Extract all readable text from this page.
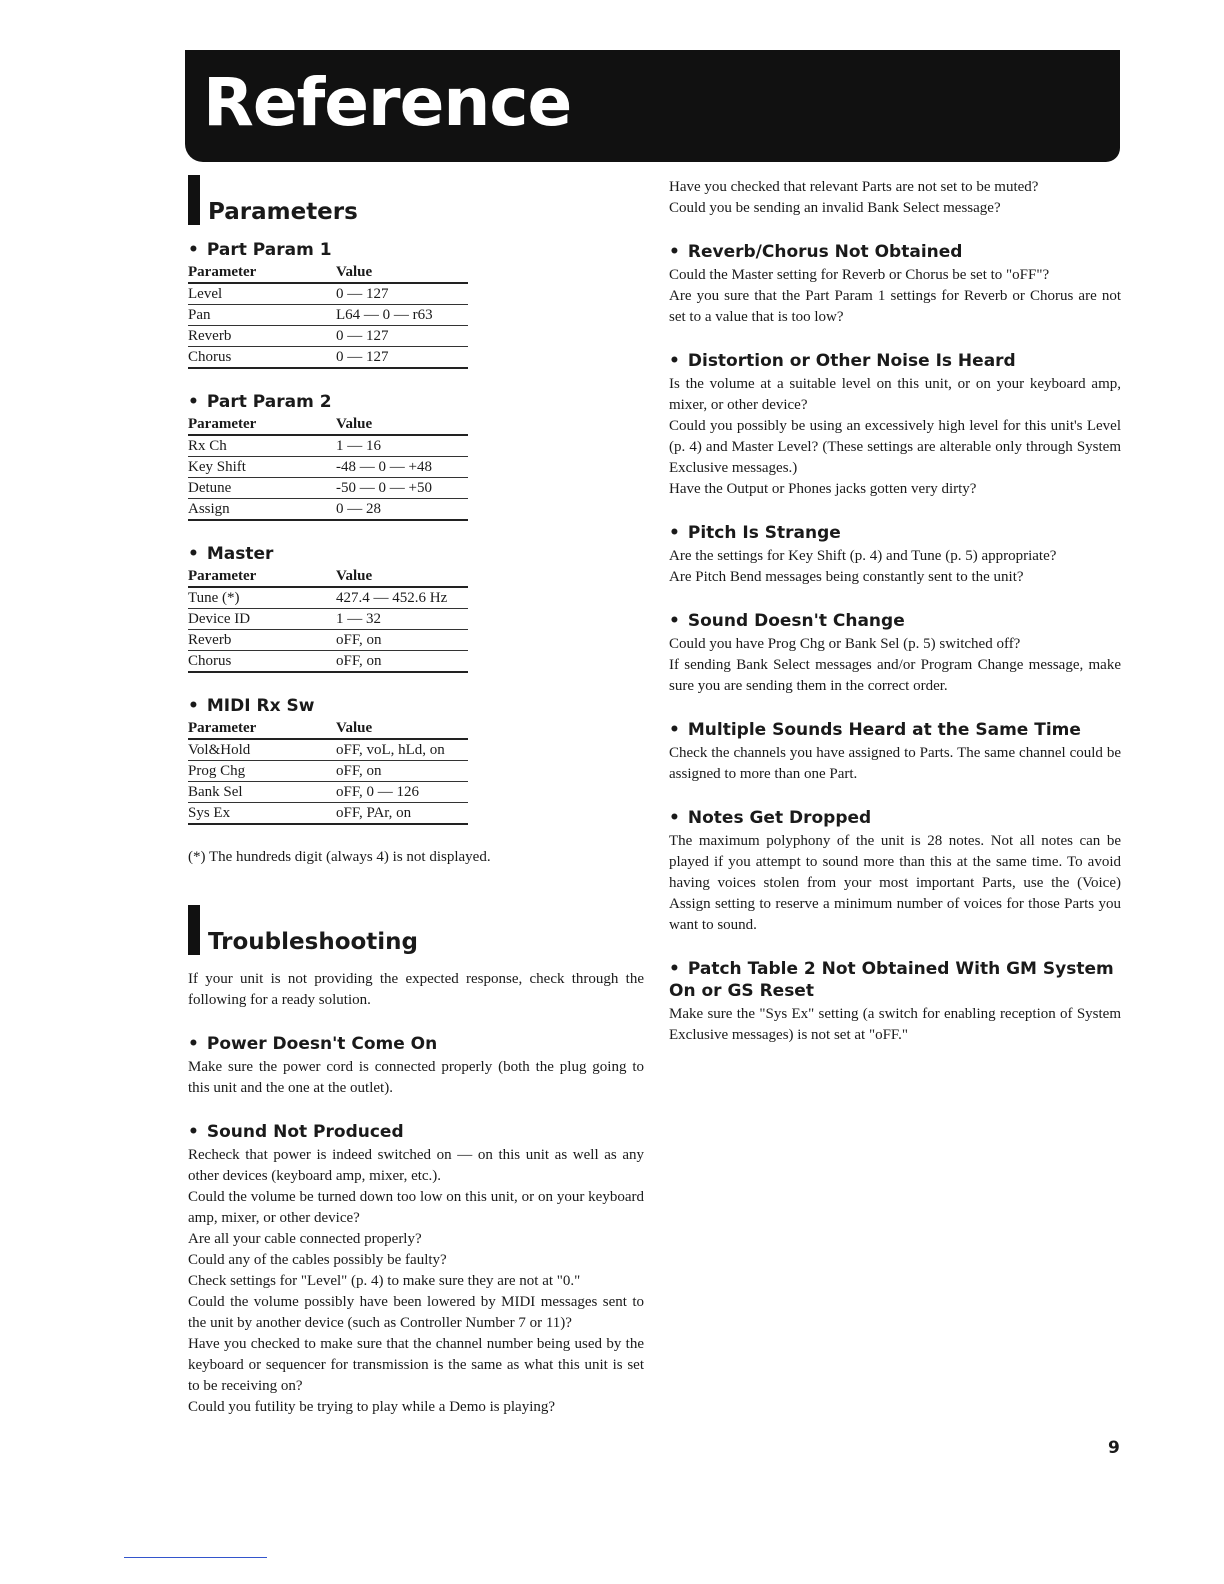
Reference
Parameters
• Part Param 1
Parameter	Value
Level	0 — 127
Pan	L64 — 0 — r63
Reverb	0 — 127
Chorus	0 — 127
• Part Param 2
Parameter	Value
Rx Ch	1 — 16
Key Shift	-48 — 0 — +48
Detune	-50 — 0 — +50
Assign	0 — 28
• Master
Parameter	Value
Tune (*)	427.4 — 452.6 Hz
Device ID	1 — 32
Reverb	oFF, on
Chorus	oFF, on
• MIDI Rx Sw
Parameter	Value
Vol&Hold	oFF, voL, hLd, on
Prog Chg	oFF, on
Bank Sel	oFF, 0 — 126
Sys Ex	oFF, PAr, on

(*) The hundreds digit (always 4) is not displayed.

Troubleshooting

If your unit is not providing the expected response, check through the following for a ready solution.

• Power Doesn't Come On

Make sure the power cord is connected properly (both the plug going to this unit and the one at the outlet).

• Sound Not Produced

Recheck that power is indeed switched on — on this unit as well as any other devices (keyboard amp, mixer, etc.).

Could the volume be turned down too low on this unit, or on your keyboard amp, mixer, or other device?

Are all your cable connected properly?

Could any of the cables possibly be faulty?

Check settings for "Level" (p. 4) to make sure they are not at "0."

Could the volume possibly have been lowered by MIDI messages sent to the unit by another device (such as Controller Number 7 or 11)?

Have you checked to make sure that the channel number being used by the keyboard or sequencer for transmission is the same as what this unit is set to be receiving on?

Could you futility be trying to play while a Demo is playing?

Have you checked that relevant Parts are not set to be muted?

Could you be sending an invalid Bank Select message?

• Reverb/Chorus Not Obtained

Could the Master setting for Reverb or Chorus be set to "oFF"?

Are you sure that the Part Param 1 settings for Reverb or Chorus are not set to a value that is too low?

• Distortion or Other Noise Is Heard

Is the volume at a suitable level on this unit, or on your keyboard amp, mixer, or other device?

Could you possibly be using an excessively high level for this unit's Level (p. 4) and Master Level? (These settings are alterable only through System Exclusive messages.)

Have the Output or Phones jacks gotten very dirty?

• Pitch Is Strange

Are the settings for Key Shift (p. 4) and Tune (p. 5) appropriate?

Are Pitch Bend messages being constantly sent to the unit?

• Sound Doesn't Change

Could you have Prog Chg or Bank Sel (p. 5) switched off?

If sending Bank Select messages and/or Program Change message, make sure you are sending them in the correct order.

• Multiple Sounds Heard at the Same Time

Check the channels you have assigned to Parts. The same channel could be assigned to more than one Part.

• Notes Get Dropped

The maximum polyphony of the unit is 28 notes. Not all notes can be played if you attempt to sound more than this at the same time. To avoid having voices stolen from your most important Parts, use the (Voice) Assign setting to reserve a minimum number of voices for those Parts you want to sound.

• Patch Table 2 Not Obtained With GM System On or GS Reset

Make sure the "Sys Ex" setting (a switch for enabling reception of System Exclusive messages) is not set at "oFF."

9
